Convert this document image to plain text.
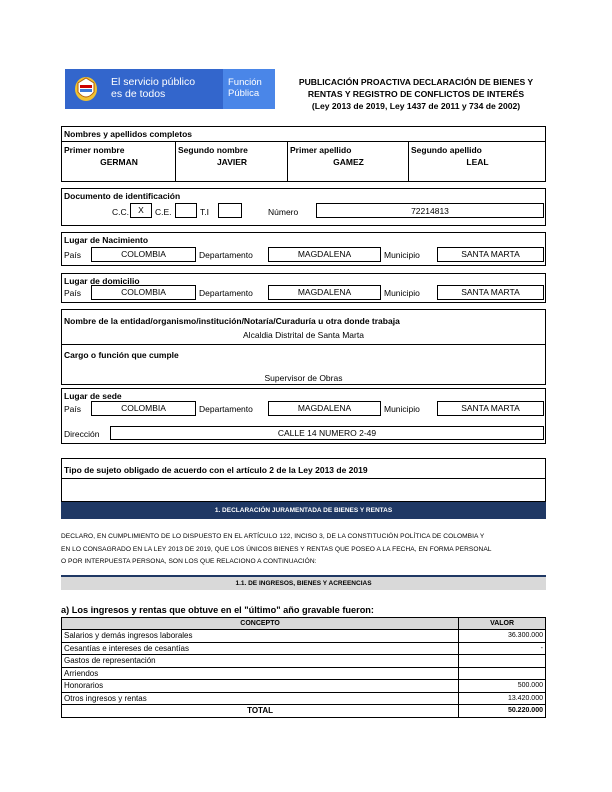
El servicio público
es de todos
Función
Pública
PUBLICACIÓN PROACTIVA DECLARACIÓN DE BIENES Y
RENTAS Y REGISTRO DE CONFLICTOS DE INTERÉS
(Ley 2013 de 2019, Ley 1437 de 2011 y 734 de 2002)
Nombres y apellidos completos
Primer nombre
GERMAN
Segundo nombre
JAVIER
Primer apellido
GAMEZ
Segundo apellido
LEAL
Documento de identificación
C.C.	X	C.E.	T.I	Número	72214813
Lugar de Nacimiento
País	COLOMBIA	Departamento	MAGDALENA	Municipio	SANTA MARTA
Lugar de domicilio
País	COLOMBIA	Departamento	MAGDALENA	Municipio	SANTA MARTA
Nombre de la entidad/organismo/institución/Notaría/Curaduría u otra donde trabaja
Alcaldia Distrital de Santa Marta
Cargo o función que cumple
Supervisor de Obras
Lugar de sede
País	COLOMBIA	Departamento	MAGDALENA	Municipio	SANTA MARTA
Dirección	CALLE 14 NUMERO 2-49
Tipo de sujeto obligado de acuerdo con el artículo 2 de la Ley 2013 de 2019
1. DECLARACIÓN JURAMENTADA DE BIENES Y RENTAS
DECLARO, EN CUMPLIMIENTO DE LO DISPUESTO EN EL ARTÍCULO 122, INCISO 3, DE LA CONSTITUCIÓN POLÍTICA DE COLOMBIA Y
EN LO CONSAGRADO EN LA LEY 2013 DE 2019, QUE LOS ÚNICOS BIENES Y RENTAS QUE POSEO A LA FECHA, EN FORMA PERSONAL
O POR INTERPUESTA PERSONA, SON LOS QUE RELACIONO A CONTINUACIÓN:
1.1. DE INGRESOS, BIENES Y ACREENCIAS
a) Los ingresos y rentas que obtuve en el "último" año gravable fueron:
CONCEPTO	VALOR
Salarios y demás ingresos laborales	36.300.000
Cesantías e intereses de cesantías	-
Gastos de representación	
Arriendos	
Honorarios	500.000
Otros ingresos y rentas	13.420.000
TOTAL	50.220.000
